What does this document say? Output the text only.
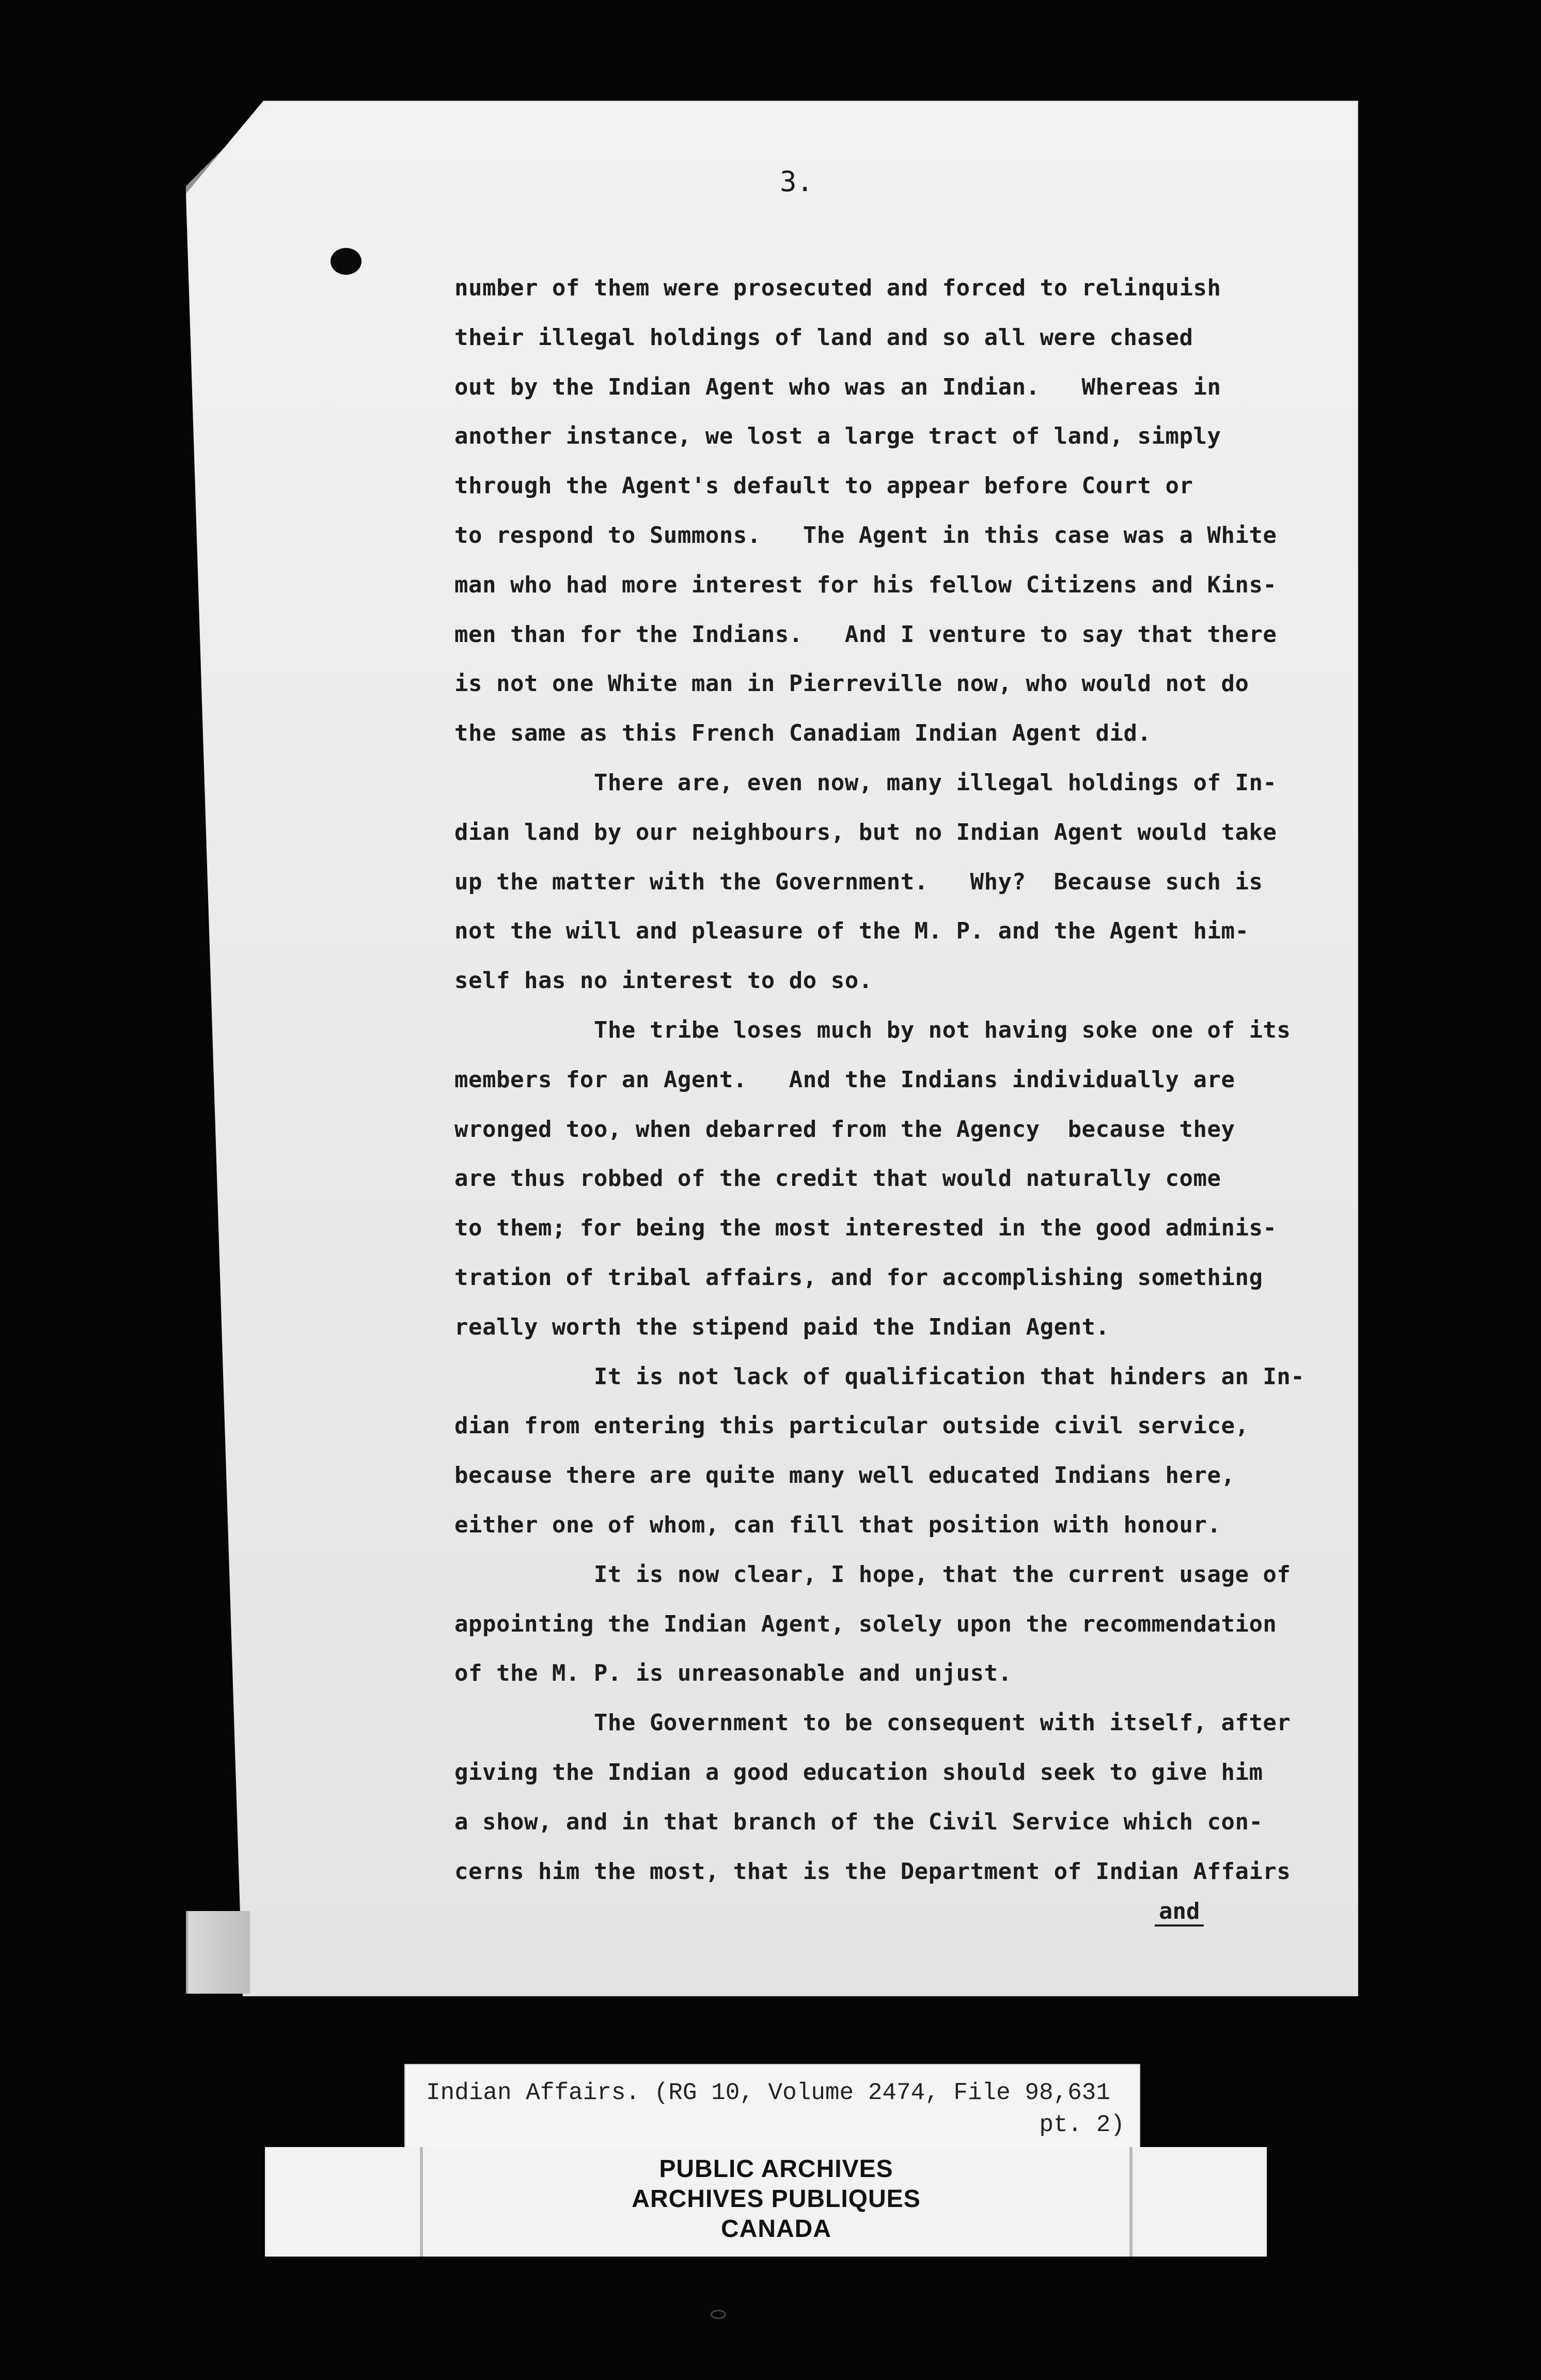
3.
number of them were prosecuted and forced to relinquish
their illegal holdings of land and so all were chased
out by the Indian Agent who was an Indian.   Whereas in
another instance, we lost a large tract of land, simply
through the Agent's default to appear before Court or
to respond to Summons.   The Agent in this case was a White
man who had more interest for his fellow Citizens and Kins-
men than for the Indians.   And I venture to say that there
is not one White man in Pierreville now, who would not do
the same as this French Canadiam Indian Agent did.
There are, even now, many illegal holdings of In-
dian land by our neighbours, but no Indian Agent would take
up the matter with the Government.   Why?  Because such is
not the will and pleasure of the M. P. and the Agent him-
self has no interest to do so.
The tribe loses much by not having soke one of its
members for an Agent.   And the Indians individually are
wronged too, when debarred from the Agency  because they
are thus robbed of the credit that would naturally come
to them; for being the most interested in the good adminis-
tration of tribal affairs, and for accomplishing something
really worth the stipend paid the Indian Agent.
It is not lack of qualification that hinders an In-
dian from entering this particular outside civil service,
because there are quite many well educated Indians here,
either one of whom, can fill that position with honour.
It is now clear, I hope, that the current usage of
appointing the Indian Agent, solely upon the recommendation
of the M. P. is unreasonable and unjust.
The Government to be consequent with itself, after
giving the Indian a good education should seek to give him
a show, and in that branch of the Civil Service which con-
cerns him the most, that is the Department of Indian Affairs
and
Indian Affairs. (RG 10, Volume 2474, File 98,631
pt. 2)
PUBLIC ARCHIVES
ARCHIVES PUBLIQUES
CANADA
